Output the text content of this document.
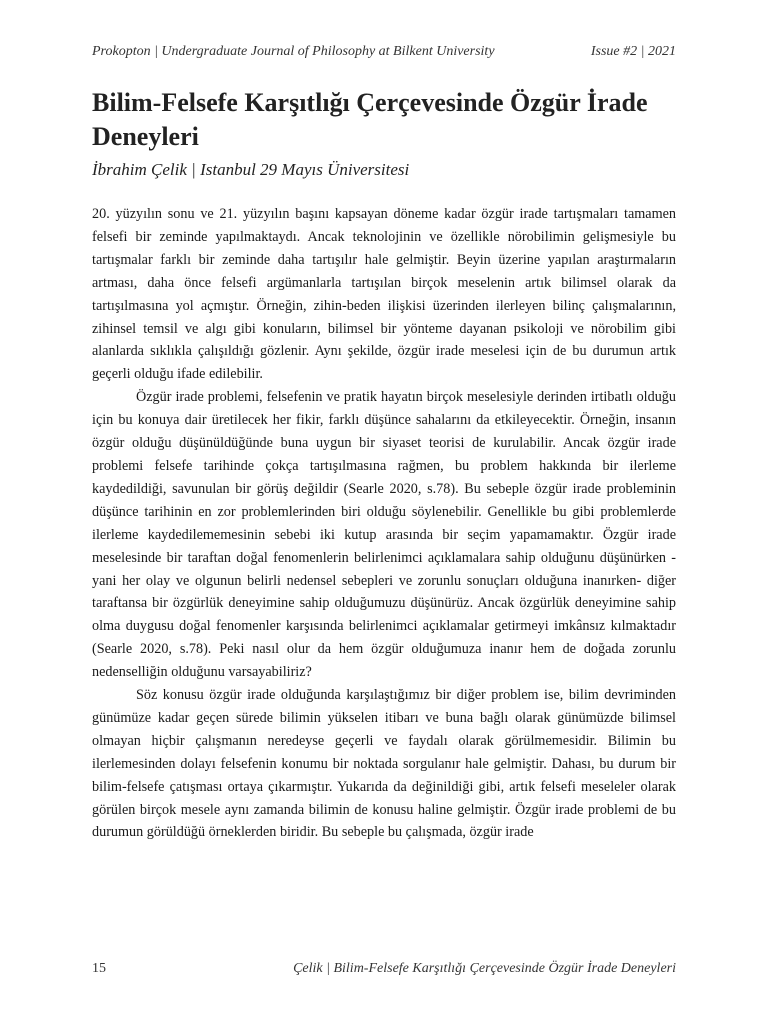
Prokopton | Undergraduate Journal of Philosophy at Bilkent University	Issue #2 | 2021
Bilim-Felsefe Karşıtlığı Çerçevesinde Özgür İrade Deneyleri
İbrahim Çelik | Istanbul 29 Mayıs Üniversitesi

20. yüzyılın sonu ve 21. yüzyılın başını kapsayan döneme kadar özgür irade tartışmaları tamamen felsefi bir zeminde yapılmaktaydı. Ancak teknolojinin ve özellikle nörobilimin gelişmesiyle bu tartışmalar farklı bir zeminde daha tartışılır hale gelmiştir. Beyin üzerine yapılan araştırmaların artması, daha önce felsefi argümanlarla tartışılan birçok meselenin artık bilimsel olarak da tartışılmasına yol açmıştır. Örneğin, zihin-beden ilişkisi üzerinden ilerleyen bilinç çalışmalarının, zihinsel temsil ve algı gibi konuların, bilimsel bir yönteme dayanan psikoloji ve nörobilim gibi alanlarda sıklıkla çalışıldığı gözlenir. Aynı şekilde, özgür irade meselesi için de bu durumun artık geçerli olduğu ifade edilebilir.

Özgür irade problemi, felsefenin ve pratik hayatın birçok meselesiyle derinden irtibatlı olduğu için bu konuya dair üretilecek her fikir, farklı düşünce sahalarını da etkileyecektir. Örneğin, insanın özgür olduğu düşünüldüğünde buna uygun bir siyaset teorisi de kurulabilir. Ancak özgür irade problemi felsefe tarihinde çokça tartışılmasına rağmen, bu problem hakkında bir ilerleme kaydedildiği, savunulan bir görüş değildir (Searle 2020, s.78). Bu sebeple özgür irade probleminin düşünce tarihinin en zor problemlerinden biri olduğu söylenebilir. Genellikle bu gibi problemlerde ilerleme kaydedilememesinin sebebi iki kutup arasında bir seçim yapamamaktır. Özgür irade meselesinde bir taraftan doğal fenomenlerin belirlenimci açıklamalara sahip olduğunu düşünürken -yani her olay ve olgunun belirli nedensel sebepleri ve zorunlu sonuçları olduğuna inanırken- diğer taraftansa bir özgürlük deneyimine sahip olduğumuzu düşünürüz. Ancak özgürlük deneyimine sahip olma duygusu doğal fenomenler karşısında belirlenimci açıklamalar getirmeyi imkânsız kılmaktadır (Searle 2020, s.78). Peki nasıl olur da hem özgür olduğumuza inanır hem de doğada zorunlu nedenselliğin olduğunu varsayabiliriz?

Söz konusu özgür irade olduğunda karşılaştığımız bir diğer problem ise, bilim devriminden günümüze kadar geçen sürede bilimin yükselen itibarı ve buna bağlı olarak günümüzde bilimsel olmayan hiçbir çalışmanın neredeyse geçerli ve faydalı olarak görülmemesidir. Bilimin bu ilerlemesinden dolayı felsefenin konumu bir noktada sorgulanır hale gelmiştir. Dahası, bu durum bir bilim-felsefe çatışması ortaya çıkarmıştır. Yukarıda da değinildiği gibi, artık felsefi meseleler olarak görülen birçok mesele aynı zamanda bilimin de konusu haline gelmiştir. Özgür irade problemi de bu durumun görüldüğü örneklerden biridir. Bu sebeple bu çalışmada, özgür irade

15	Çelik | Bilim-Felsefe Karşıtlığı Çerçevesinde Özgür İrade Deneyleri
